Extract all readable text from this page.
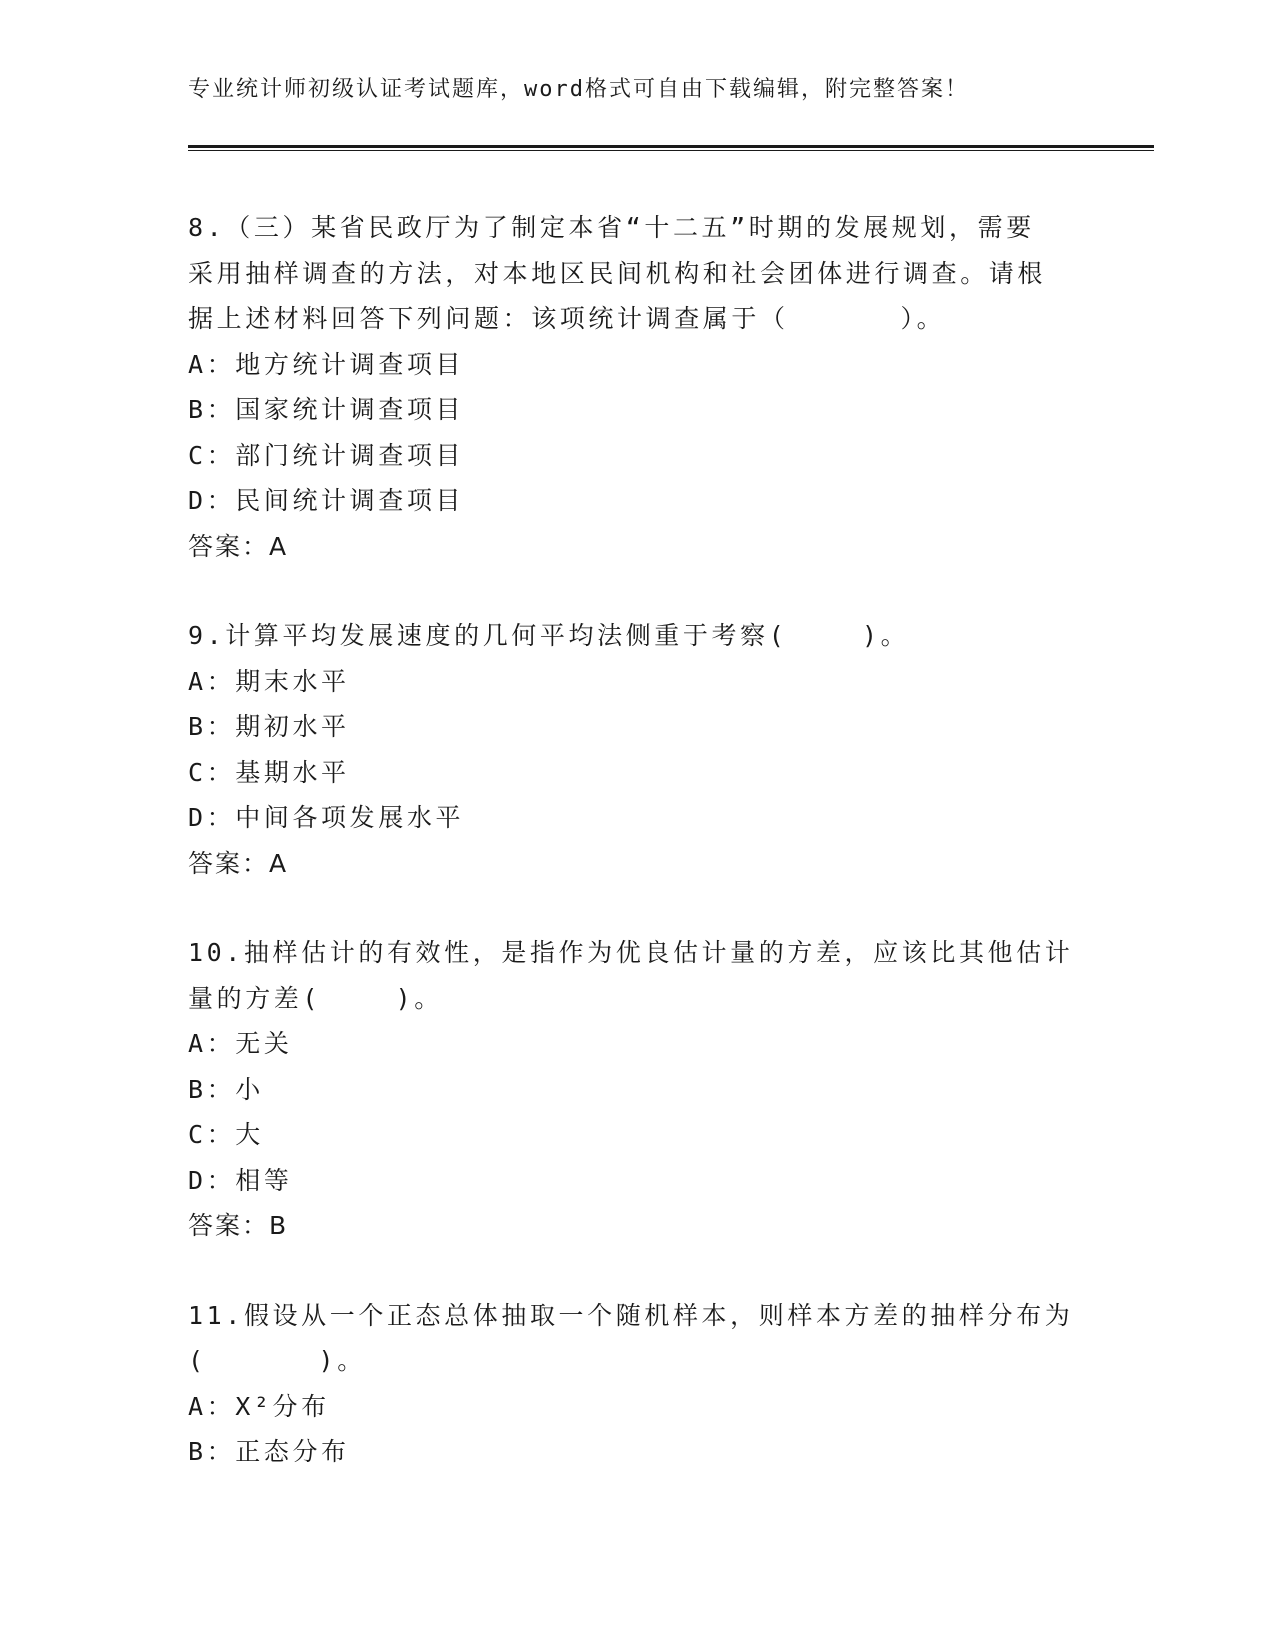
专业统计师初级认证考试题库，word格式可自由下载编辑，附完整答案！
8.（三）某省民政厅为了制定本省“十二五”时期的发展规划，需要
采用抽样调查的方法，对本地区民间机构和社会团体进行调查。请根
据上述材料回答下列问题：该项统计调查属于（      ）。
A：地方统计调查项目
B：国家统计调查项目
C：部门统计调查项目
D：民间统计调查项目
答案：A
9.计算平均发展速度的几何平均法侧重于考察(    )。
A：期末水平
B：期初水平
C：基期水平
D：中间各项发展水平
答案：A
10.抽样估计的有效性，是指作为优良估计量的方差，应该比其他估计
量的方差(    )。
A：无关
B：小
C：大
D：相等
答案：B
11.假设从一个正态总体抽取一个随机样本，则样本方差的抽样分布为
(      )。
A：X²分布
B：正态分布
